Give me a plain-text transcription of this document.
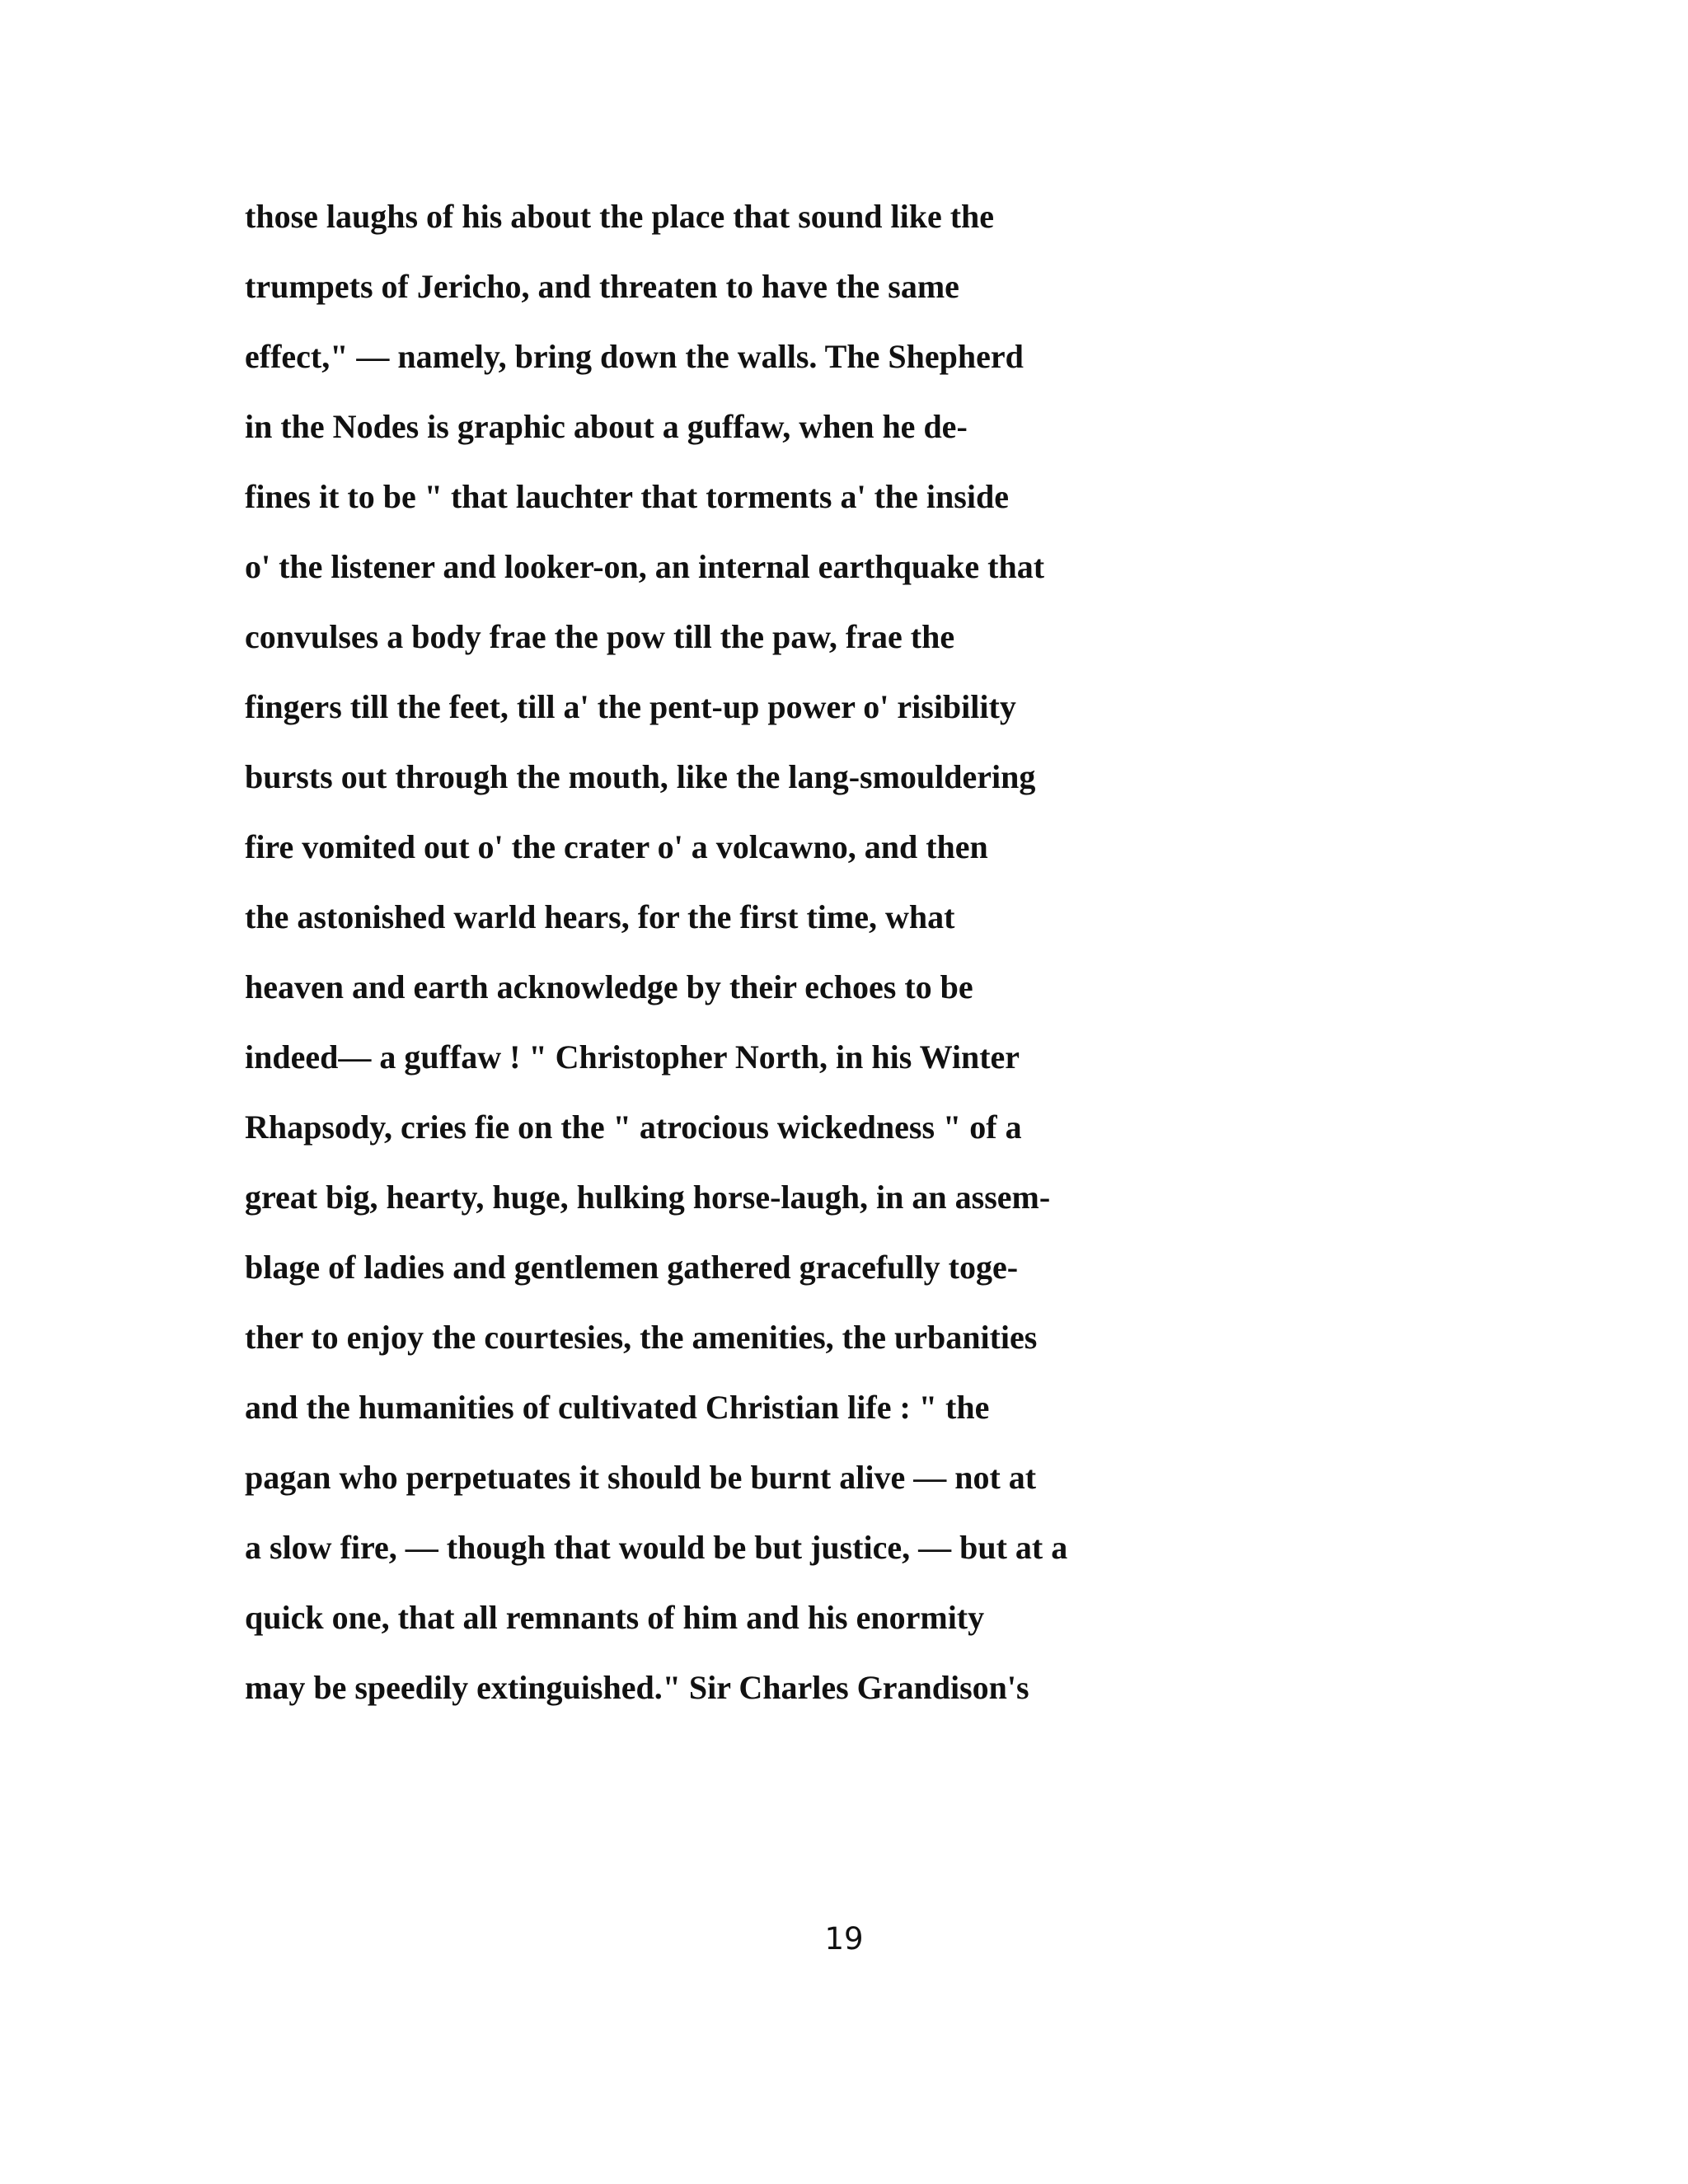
those laughs of his about the place that sound like the
trumpets of Jericho, and threaten to have the same
effect," — namely, bring down the walls. The Shepherd
in the Nodes is graphic about a guffaw, when he de-
fines it to be " that lauchter that torments a' the inside
o' the listener and looker-on, an internal earthquake that
convulses a body frae the pow till the paw, frae the
fingers till the feet, till a' the pent-up power o' risibility
bursts out through the mouth, like the lang-smouldering
fire vomited out o' the crater o' a volcawno, and then
the astonished warld hears, for the first time, what
heaven and earth acknowledge by their echoes to be
indeed— a guffaw ! " Christopher North, in his Winter
Rhapsody, cries fie on the " atrocious wickedness " of a
great big, hearty, huge, hulking horse-laugh, in an assem-
blage of ladies and gentlemen gathered gracefully toge-
ther to enjoy the courtesies, the amenities, the urbanities
and the humanities of cultivated Christian life : " the
pagan who perpetuates it should be burnt alive — not at
a slow fire, — though that would be but justice, — but at a
quick one, that all remnants of him and his enormity
may be speedily extinguished." Sir Charles Grandison's
19
